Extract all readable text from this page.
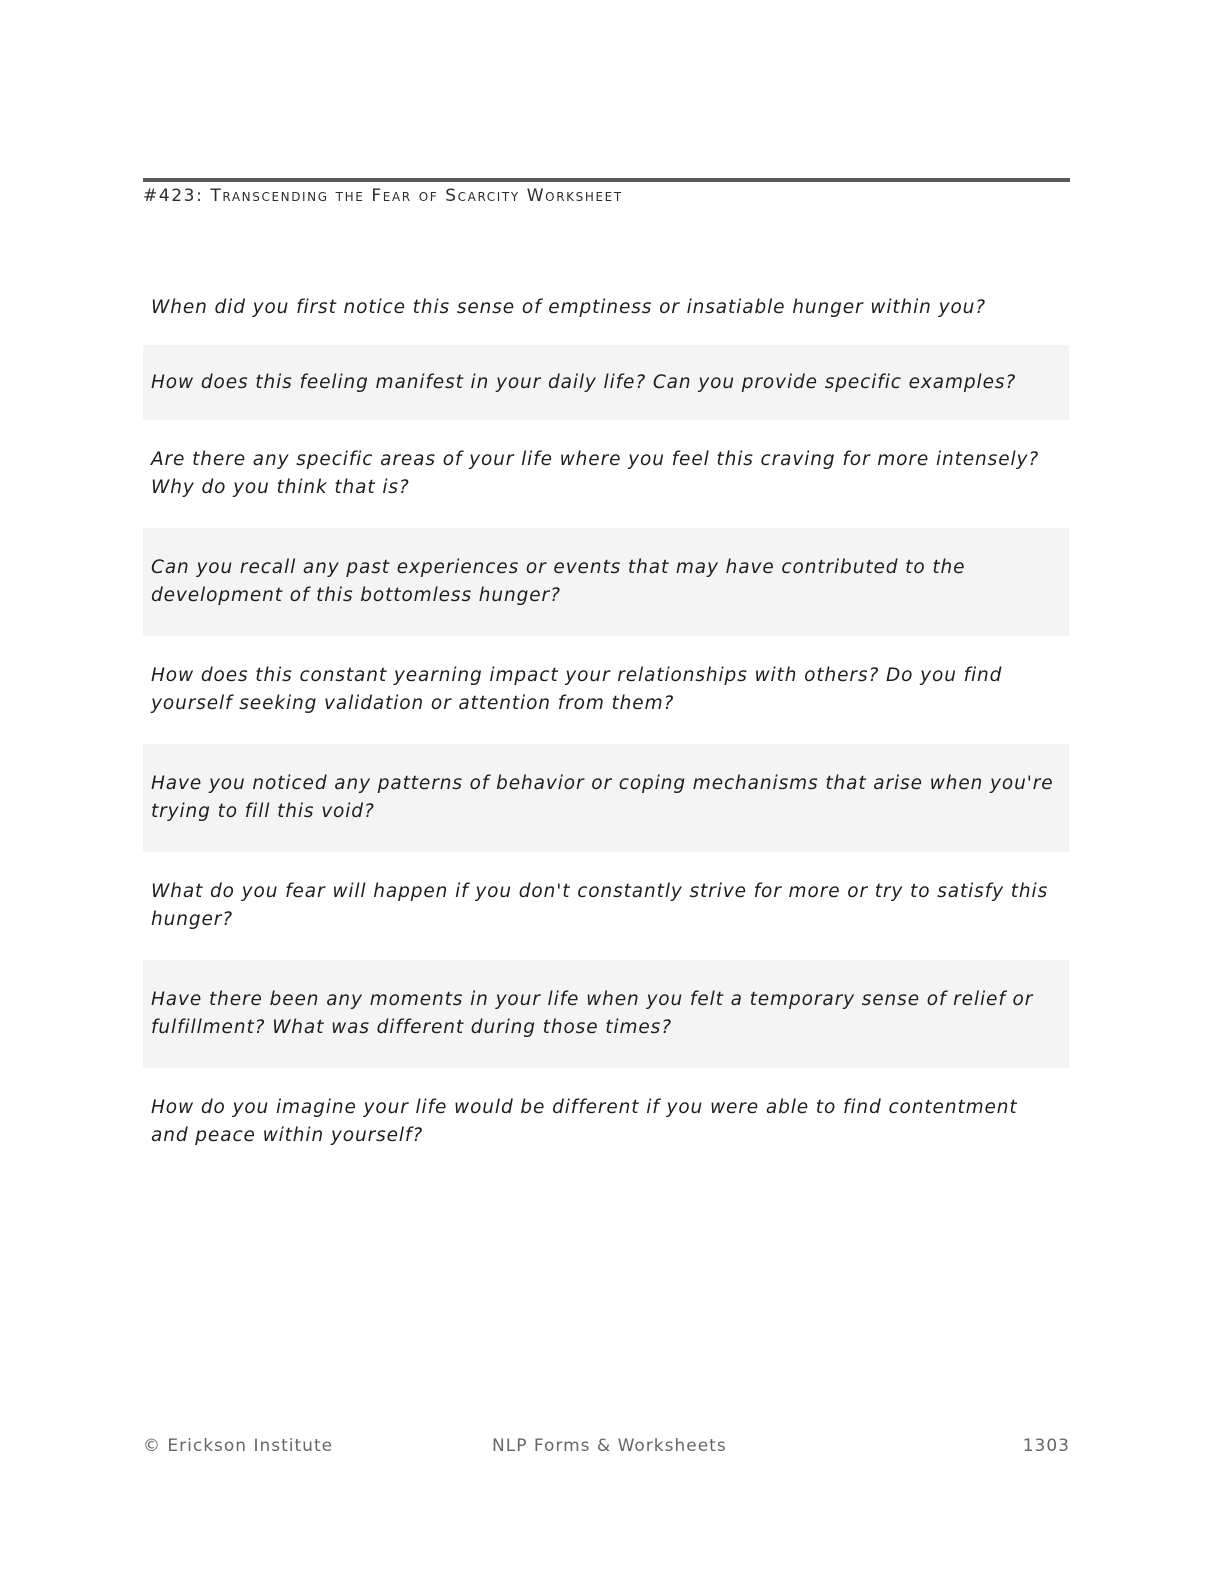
#423: Transcending the Fear of Scarcity Worksheet
When did you first notice this sense of emptiness or insatiable hunger within you?
How does this feeling manifest in your daily life? Can you provide specific examples?
Are there any specific areas of your life where you feel this craving for more intensely? Why do you think that is?
Can you recall any past experiences or events that may have contributed to the development of this bottomless hunger?
How does this constant yearning impact your relationships with others? Do you find yourself seeking validation or attention from them?
Have you noticed any patterns of behavior or coping mechanisms that arise when you're trying to fill this void?
What do you fear will happen if you don't constantly strive for more or try to satisfy this hunger?
Have there been any moments in your life when you felt a temporary sense of relief or fulfillment? What was different during those times?
How do you imagine your life would be different if you were able to find contentment and peace within yourself?
© Erickson Institute	NLP Forms & Worksheets	1303
